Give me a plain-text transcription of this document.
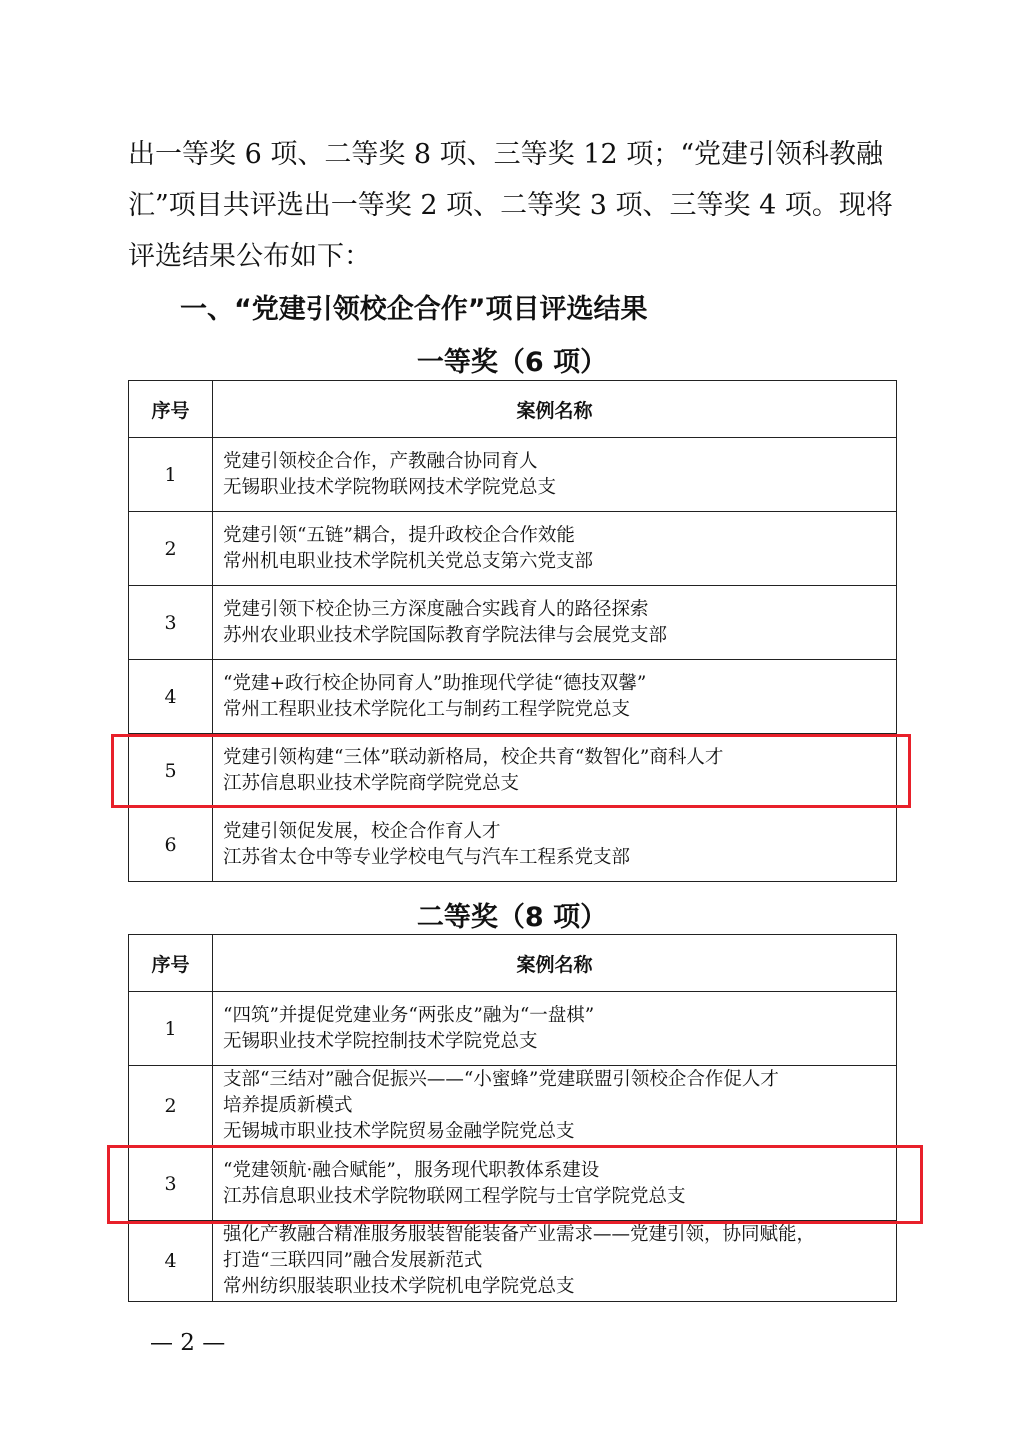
出一等奖 6 项、二等奖 8 项、三等奖 12 项；“党建引领科教融
汇”项目共评选出一等奖 2 项、二等奖 3 项、三等奖 4 项。现将
评选结果公布如下：
一、“党建引领校企合作”项目评选结果
一等奖（6 项）
序号	案例名称
1	党建引领校企合作，产教融合协同育人
无锡职业技术学院物联网技术学院党总支

2	党建引领“五链”耦合，提升政校企合作效能
常州机电职业技术学院机关党总支第六党支部

3	党建引领下校企协三方深度融合实践育人的路径探索
苏州农业职业技术学院国际教育学院法律与会展党支部

4	“党建+政行校企协同育人”助推现代学徒“德技双馨”
常州工程职业技术学院化工与制药工程学院党总支

5	党建引领构建“三体”联动新格局，校企共育“数智化”商科人才
江苏信息职业技术学院商学院党总支

6	党建引领促发展，校企合作育人才
江苏省太仓中等专业学校电气与汽车工程系党支部
二等奖（8 项）
序号	案例名称
1	“四筑”并提促党建业务“两张皮”融为“一盘棋”
无锡职业技术学院控制技术学院党总支

2	支部“三结对”融合促振兴——“小蜜蜂”党建联盟引领校企合作促人才
培养提质新模式
无锡城市职业技术学院贸易金融学院党总支

3	“党建领航·融合赋能”，服务现代职教体系建设
江苏信息职业技术学院物联网工程学院与士官学院党总支

4	强化产教融合精准服务服装智能装备产业需求——党建引领，协同赋能，
打造“三联四同”融合发展新范式
常州纺织服装职业技术学院机电学院党总支
— 2 —
